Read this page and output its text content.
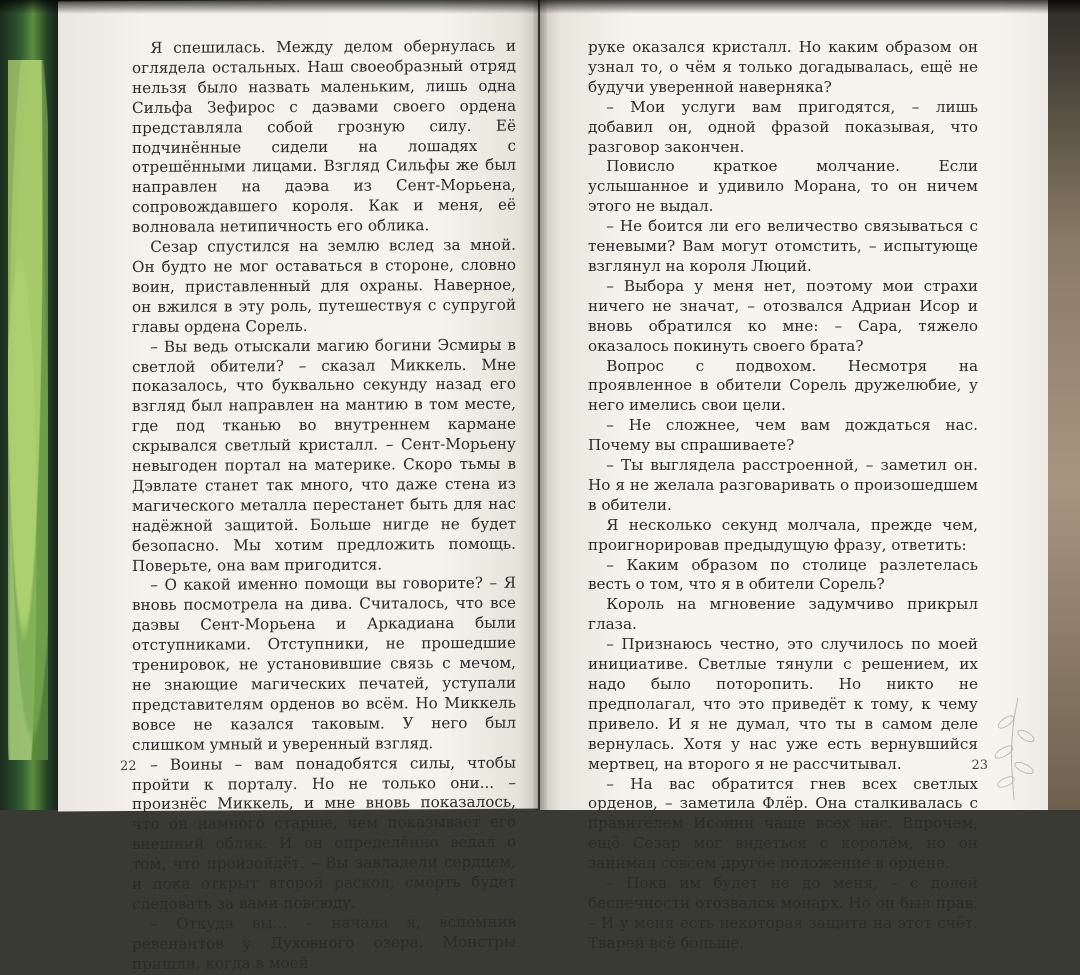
Я спешилась. Между делом обернулась и оглядела остальных. Наш своеобразный отряд нельзя было назвать маленьким, лишь одна Сильфа Зефирос с даэвами своего ордена представляла собой грозную силу. Её подчинённые сидели на лошадях с отрешёнными лицами. Взгляд Сильфы же был направлен на даэва из Сент-Морьена, сопровождавшего короля. Как и меня, её волновала нетипичность его облика.

Сезар спустился на землю вслед за мной. Он будто не мог оставаться в стороне, словно воин, приставленный для охраны. Наверное, он вжился в эту роль, путешествуя с супругой главы ордена Сорель.

– Вы ведь отыскали магию богини Эсмиры в светлой обители? – сказал Миккель. Мне показалось, что буквально секунду назад его взгляд был направлен на мантию в том месте, где под тканью во внутреннем кармане скрывался светлый кристалл. – Сент-Морьену невыгоден портал на материке. Скоро тьмы в Дэвлате станет так много, что даже стена из магического металла перестанет быть для нас надёжной защитой. Больше нигде не будет безопасно. Мы хотим предложить помощь. Поверьте, она вам пригодится.

– О какой именно помощи вы говорите? – Я вновь посмотрела на дива. Считалось, что все даэвы Сент-Морьена и Аркадиана были отступниками. Отступники, не прошедшие тренировок, не установившие связь с мечом, не знающие магических печатей, уступали представителям орденов во всём. Но Миккель вовсе не казался таковым. У него был слишком умный и уверенный взгляд.

– Воины – вам понадобятся силы, чтобы пройти к порталу. Но не только они... – произнёс Миккель, и мне вновь показалось, что он намного старше, чем показывает его внешний облик. И он определённо ведал о том, что произойдёт. – Вы завладели сердцем, и пока открыт второй раскол, смерть будет следовать за вами повсюду.

– Откуда вы... – начала я, вспомнив ревенантов у Духовного озера. Монстры пришли, когда в моей

22

руке оказался кристалл. Но каким образом он узнал то, о чём я только догадывалась, ещё не будучи уверенной наверняка?

– Мои услуги вам пригодятся, – лишь добавил он, одной фразой показывая, что разговор закончен.

Повисло краткое молчание. Если услышанное и удивило Морана, то он ничем этого не выдал.

– Не боится ли его величество связываться с теневыми? Вам могут отомстить, – испытующе взглянул на короля Люций.

– Выбора у меня нет, поэтому мои страхи ничего не значат, – отозвался Адриан Исор и вновь обратился ко мне: – Сара, тяжело оказалось покинуть своего брата?

Вопрос с подвохом. Несмотря на проявленное в обители Сорель дружелюбие, у него имелись свои цели.

– Не сложнее, чем вам дождаться нас. Почему вы спрашиваете?

– Ты выглядела расстроенной, – заметил он. Но я не желала разговаривать о произошедшем в обители.

Я несколько секунд молчала, прежде чем, проигнорировав предыдущую фразу, ответить:

– Каким образом по столице разлетелась весть о том, что я в обители Сорель?

Король на мгновение задумчиво прикрыл глаза.

– Признаюсь честно, это случилось по моей инициативе. Светлые тянули с решением, их надо было поторопить. Но никто не предполагал, что это приведёт к тому, к чему привело. И я не думал, что ты в самом деле вернулась. Хотя у нас уже есть вернувшийся мертвец, на второго я не рассчитывал.

– На вас обратится гнев всех светлых орденов, – заметила Флёр. Она сталкивалась с правителем Исонии чаще всех нас. Впрочем, ещё Сезар мог видеться с королём, но он занимал совсем другое положение в ордене.

– Пока им будет не до меня, – с долей беспечности отозвался монарх. Но он был прав. – И у меня есть некоторая защита на этот счёт. Тварей всё больше.

23
